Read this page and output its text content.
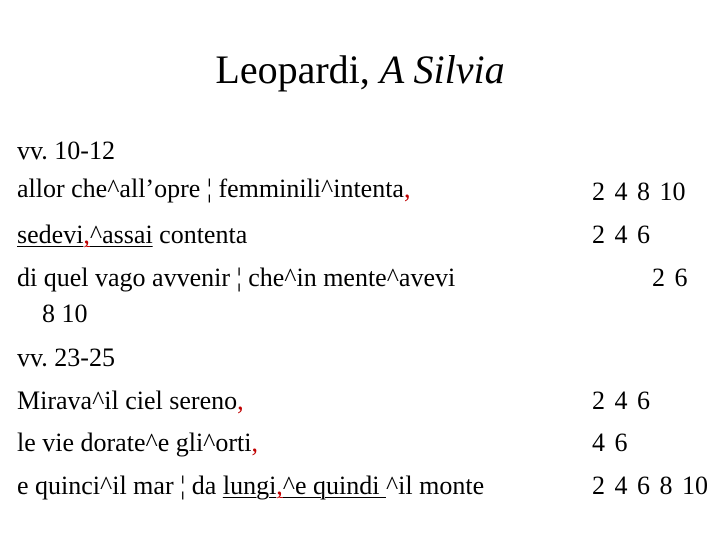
Leopardi, A Silvia
vv. 10-12
allor che^all’opre ¦ femminili^intenta,
sedevi,^assai contenta
di quel vago avvenir ¦ che^in mente^avevi
8 10
2 4 8 10
2 4 6
2 6
vv. 23-25
Mirava^il ciel sereno,
le vie dorate^e gli^orti,
e quinci^il mar ¦ da lungi,^e quindi ^il monte
2 4 6
4 6
2 4 6 8 10
